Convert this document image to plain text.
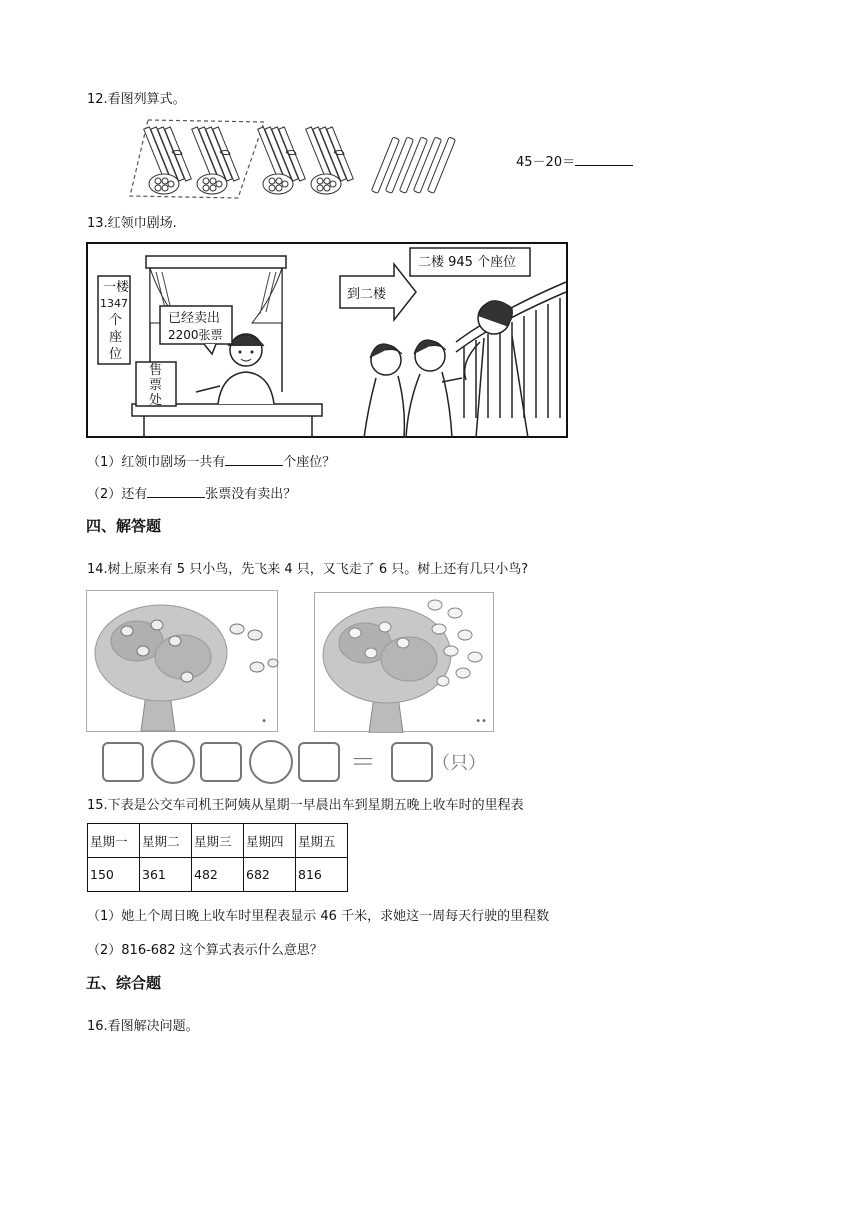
12.看图列算式。
45－20＝
13.红领巾剧场.
一楼
1347
个
座
位
已经卖出
2200张票
售
票
处
到二楼
二楼 945 个座位
（1）红领巾剧场一共有	个座位？
（2）还有	张票没有卖出？
四、解答题
14.树上原来有 5 只小鸟，先飞来 4 只，又飞走了 6 只。树上还有几只小鸟?
•	••
＝	（只）
15.下表是公交车司机王阿姨从星期一早晨出车到星期五晚上收车时的里程表
星期一	星期二	星期三	星期四	星期五
150	361	482	682	816
（1）她上个周日晚上收车时里程表显示 46 千米，求她这一周每天行驶的里程数
（2）816-682 这个算式表示什么意思？
五、综合题
16.看图解决问题。
